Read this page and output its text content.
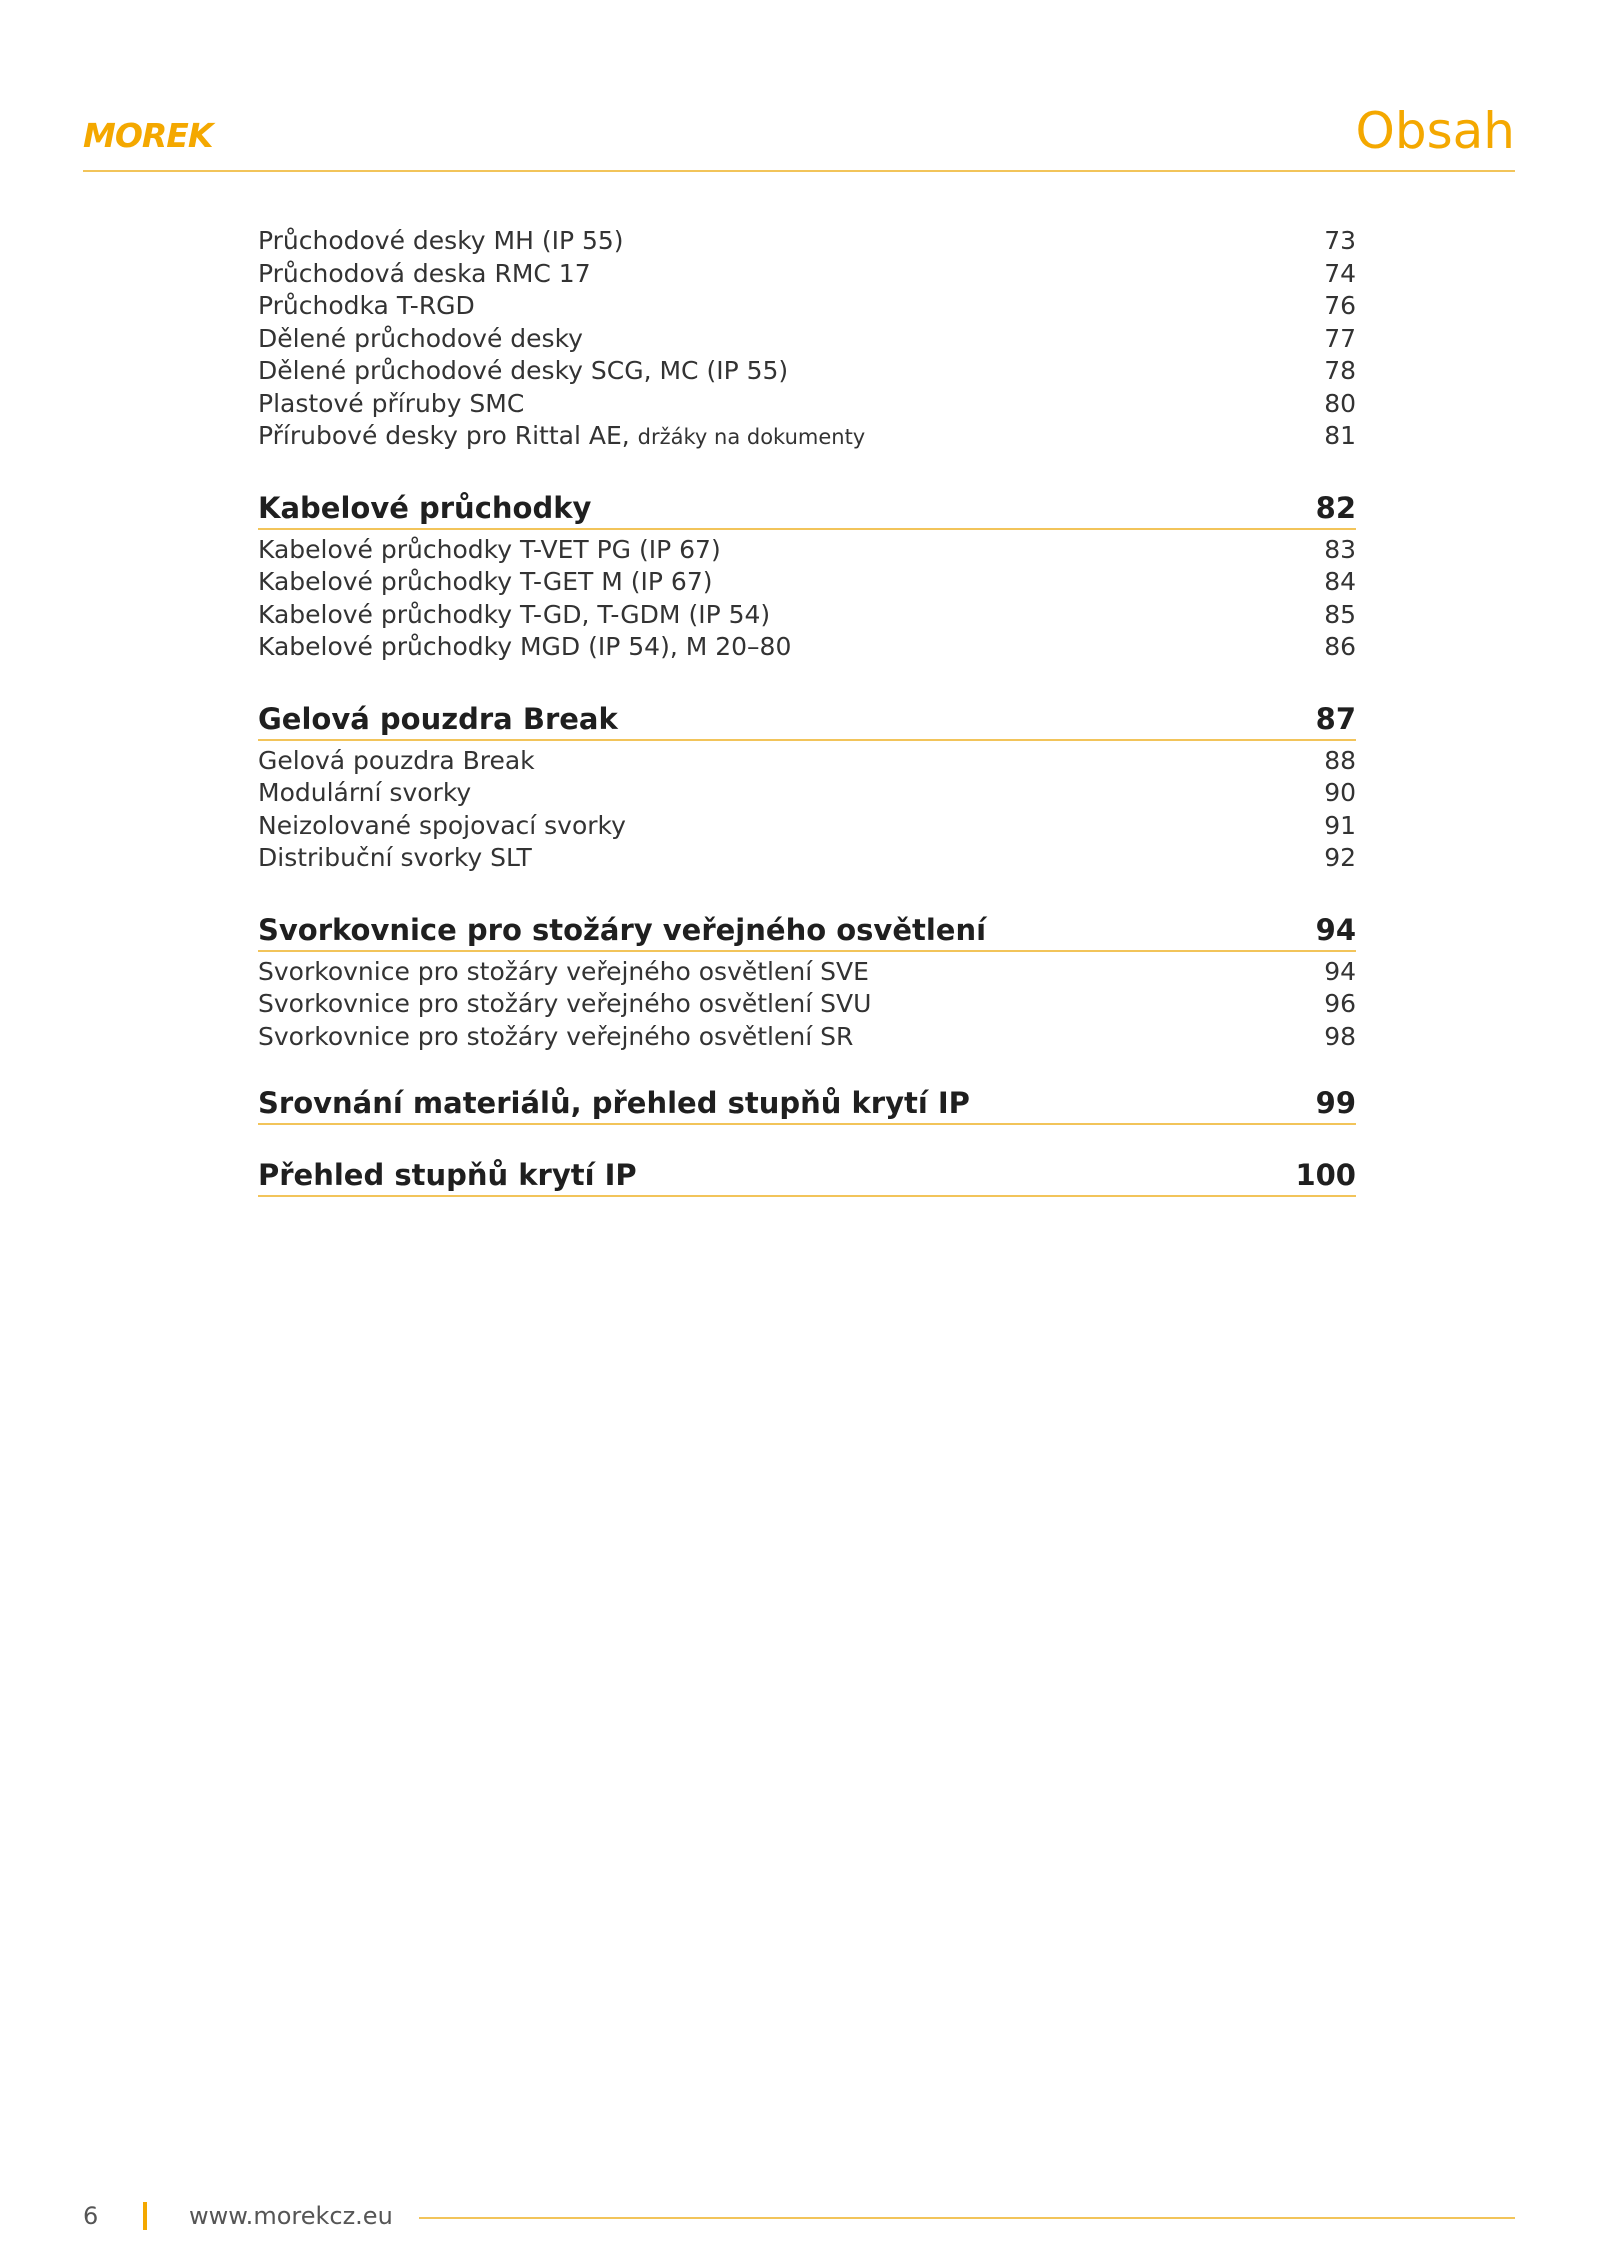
MOREK	Obsah
Průchodové desky MH (IP 55)	73
Průchodová deska RMC 17	74
Průchodka T-RGD	76
Dělené průchodové desky	77
Dělené průchodové desky SCG, MC (IP 55)	78
Plastové příruby SMC	80
Přírubové desky pro Rittal AE, držáky na dokumenty	81
Kabelové průchodky	82
Kabelové průchodky T-VET PG (IP 67)	83
Kabelové průchodky T-GET M (IP 67)	84
Kabelové průchodky T-GD, T-GDM (IP 54)	85
Kabelové průchodky MGD (IP 54), M 20–80	86
Gelová pouzdra Break	87
Gelová pouzdra Break	88
Modulární svorky	90
Neizolované spojovací svorky	91
Distribuční svorky SLT	92
Svorkovnice pro stožáry veřejného osvětlení	94
Svorkovnice pro stožáry veřejného osvětlení SVE	94
Svorkovnice pro stožáry veřejného osvětlení SVU	96
Svorkovnice pro stožáry veřejného osvětlení SR	98
Srovnání materiálů, přehled stupňů krytí IP	99
Přehled stupňů krytí IP	100
6	www.morekcz.eu
